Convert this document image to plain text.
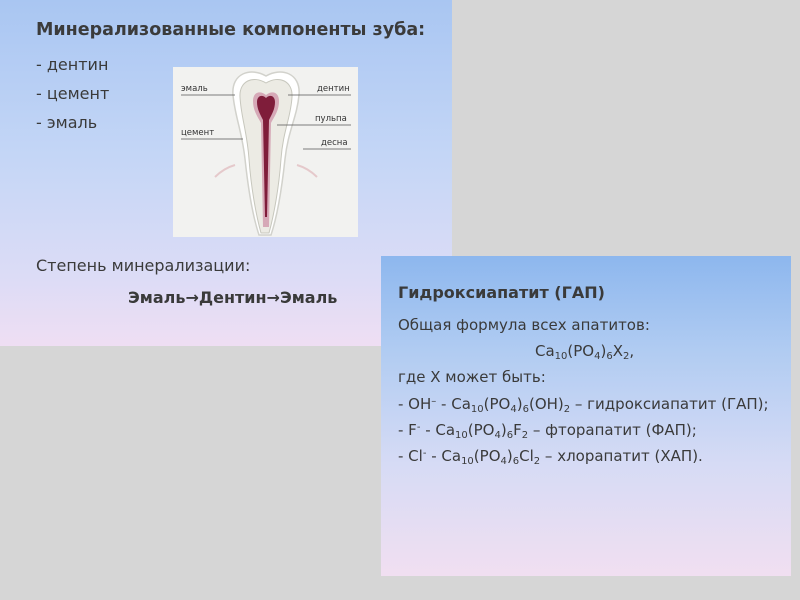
Минерализованные компоненты зуба:
- дентин
- цемент
- эмаль
эмаль
цемент
дентин
пульпа
десна
Степень минерализации:
Эмаль→Дентин→Эмаль	Гидроксиапатит (ГАП)
Общая формула всех апатитов:
$Ca_{10}(PO_4)_6X_2$,
где Х может быть:
- $OH^- - Ca_{10}(PO_4)_6(OH)_2$ – гидроксиапатит (ГАП);
- $F^- - Ca_{10}(PO_4)_6F_2$ – фторапатит (ФАП);
- $Cl^- - Ca_{10}(PO_4)_6Cl_2$ – хлорапатит (ХАП).
